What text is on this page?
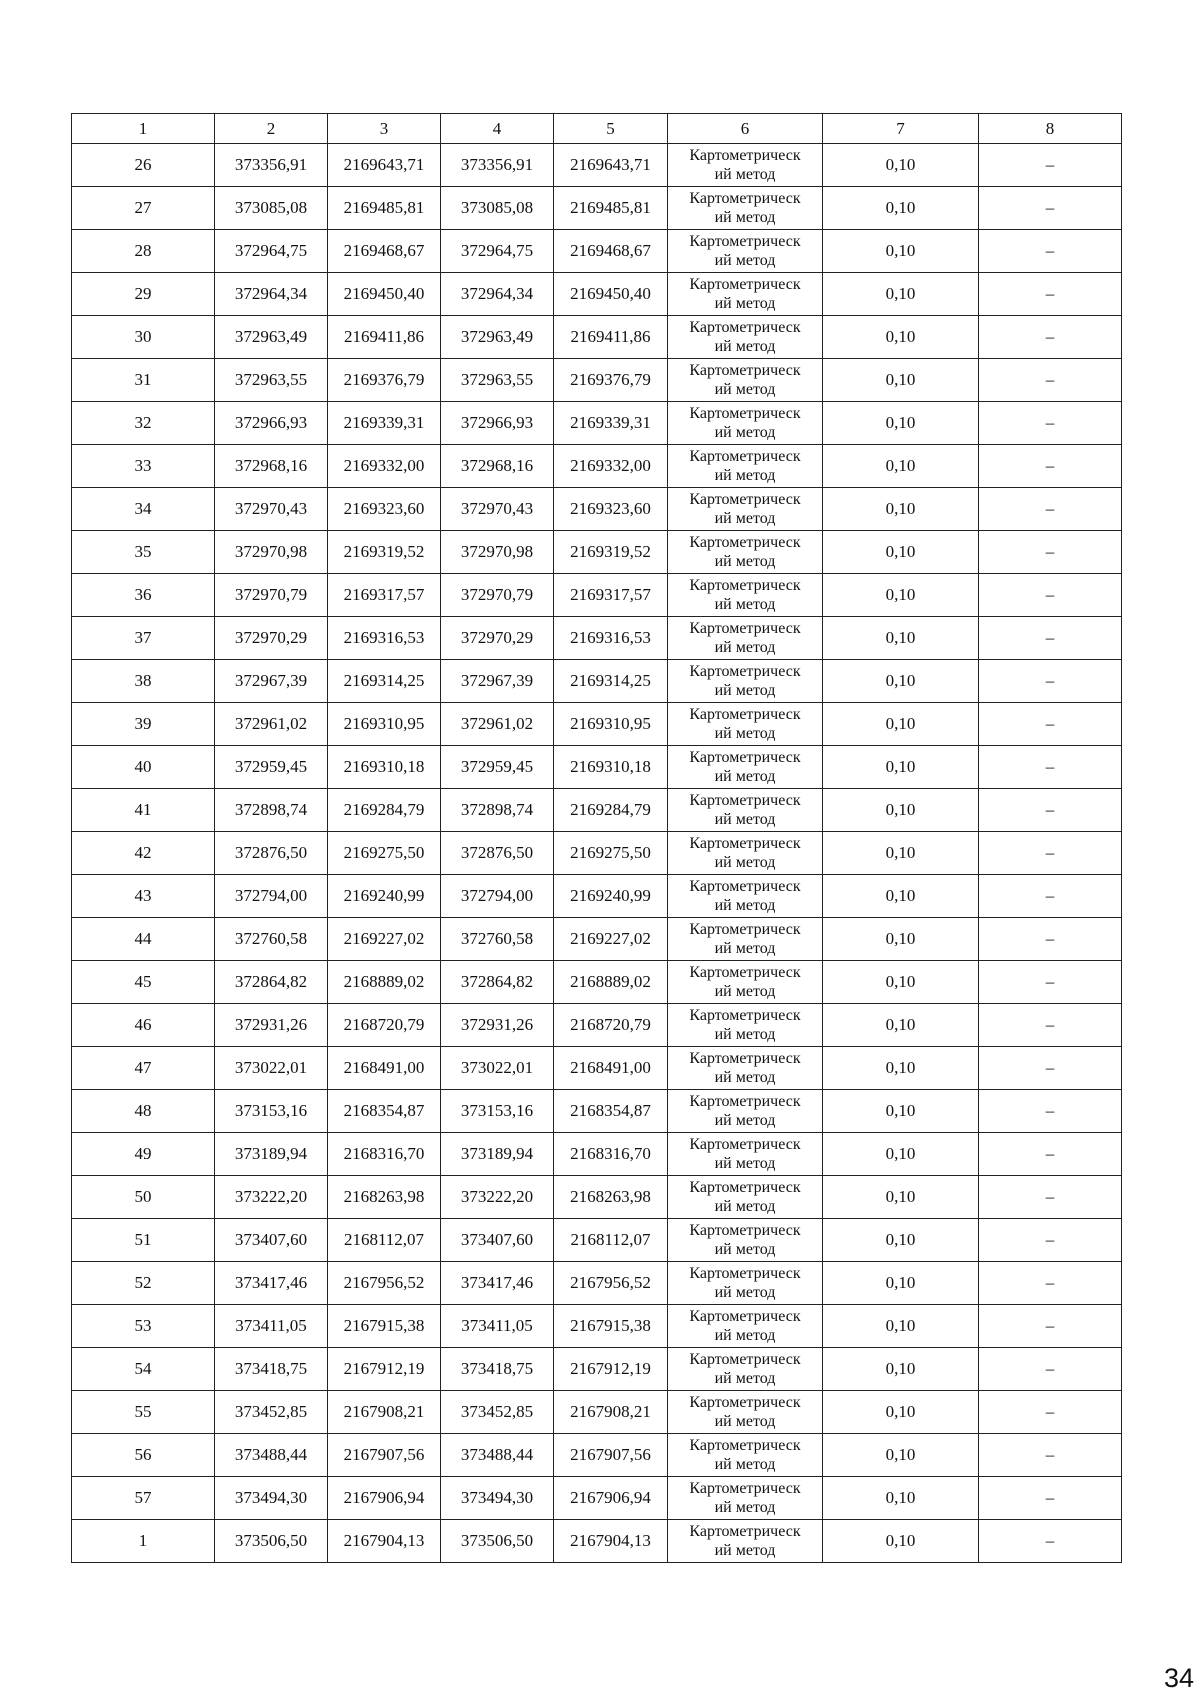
1	2	3	4	5	6	7	8
26	373356,91	2169643,71	373356,91	2169643,71	Картометрическ
ий метод	0,10	–
27	373085,08	2169485,81	373085,08	2169485,81	Картометрическ
ий метод	0,10	–
28	372964,75	2169468,67	372964,75	2169468,67	Картометрическ
ий метод	0,10	–
29	372964,34	2169450,40	372964,34	2169450,40	Картометрическ
ий метод	0,10	–
30	372963,49	2169411,86	372963,49	2169411,86	Картометрическ
ий метод	0,10	–
31	372963,55	2169376,79	372963,55	2169376,79	Картометрическ
ий метод	0,10	–
32	372966,93	2169339,31	372966,93	2169339,31	Картометрическ
ий метод	0,10	–
33	372968,16	2169332,00	372968,16	2169332,00	Картометрическ
ий метод	0,10	–
34	372970,43	2169323,60	372970,43	2169323,60	Картометрическ
ий метод	0,10	–
35	372970,98	2169319,52	372970,98	2169319,52	Картометрическ
ий метод	0,10	–
36	372970,79	2169317,57	372970,79	2169317,57	Картометрическ
ий метод	0,10	–
37	372970,29	2169316,53	372970,29	2169316,53	Картометрическ
ий метод	0,10	–
38	372967,39	2169314,25	372967,39	2169314,25	Картометрическ
ий метод	0,10	–
39	372961,02	2169310,95	372961,02	2169310,95	Картометрическ
ий метод	0,10	–
40	372959,45	2169310,18	372959,45	2169310,18	Картометрическ
ий метод	0,10	–
41	372898,74	2169284,79	372898,74	2169284,79	Картометрическ
ий метод	0,10	–
42	372876,50	2169275,50	372876,50	2169275,50	Картометрическ
ий метод	0,10	–
43	372794,00	2169240,99	372794,00	2169240,99	Картометрическ
ий метод	0,10	–
44	372760,58	2169227,02	372760,58	2169227,02	Картометрическ
ий метод	0,10	–
45	372864,82	2168889,02	372864,82	2168889,02	Картометрическ
ий метод	0,10	–
46	372931,26	2168720,79	372931,26	2168720,79	Картометрическ
ий метод	0,10	–
47	373022,01	2168491,00	373022,01	2168491,00	Картометрическ
ий метод	0,10	–
48	373153,16	2168354,87	373153,16	2168354,87	Картометрическ
ий метод	0,10	–
49	373189,94	2168316,70	373189,94	2168316,70	Картометрическ
ий метод	0,10	–
50	373222,20	2168263,98	373222,20	2168263,98	Картометрическ
ий метод	0,10	–
51	373407,60	2168112,07	373407,60	2168112,07	Картометрическ
ий метод	0,10	–
52	373417,46	2167956,52	373417,46	2167956,52	Картометрическ
ий метод	0,10	–
53	373411,05	2167915,38	373411,05	2167915,38	Картометрическ
ий метод	0,10	–
54	373418,75	2167912,19	373418,75	2167912,19	Картометрическ
ий метод	0,10	–
55	373452,85	2167908,21	373452,85	2167908,21	Картометрическ
ий метод	0,10	–
56	373488,44	2167907,56	373488,44	2167907,56	Картометрическ
ий метод	0,10	–
57	373494,30	2167906,94	373494,30	2167906,94	Картометрическ
ий метод	0,10	–
1	373506,50	2167904,13	373506,50	2167904,13	Картометрическ
ий метод	0,10	–
34
